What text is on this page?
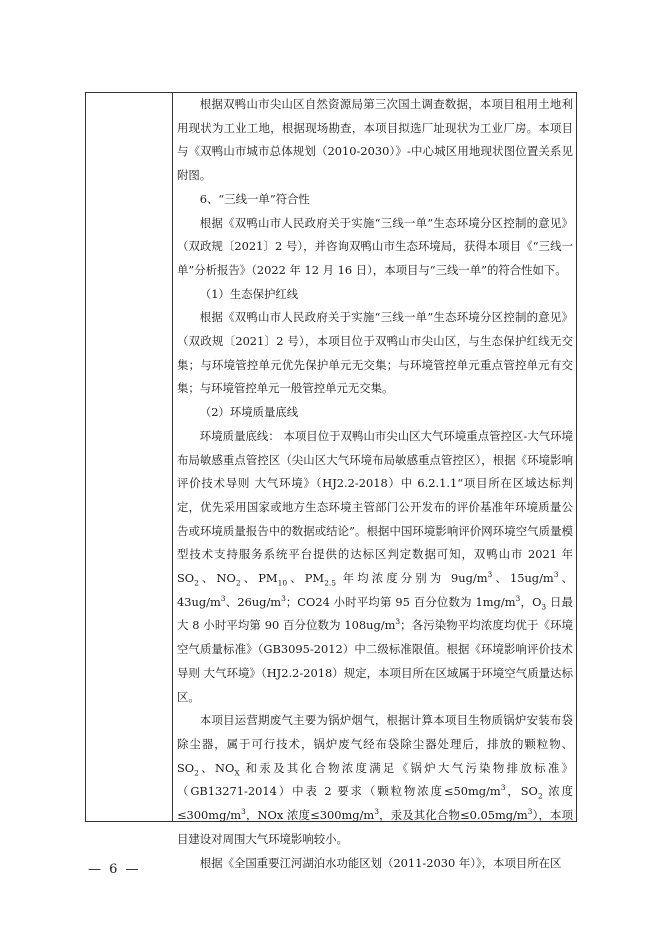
根据双鸭山市尖山区自然资源局第三次国土调查数据，本项目租用土地利用现状为工业工地，根据现场勘查，本项目拟选厂址现状为工业厂房。本项目与《双鸭山市城市总体规划（2010-2030）》-中心城区用地现状图位置关系见附图。

6、“三线一单”符合性

根据《双鸭山市人民政府关于实施“三线一单”生态环境分区控制的意见》（双政规〔2021〕2 号），并咨询双鸭山市生态环境局，获得本项目《“三线一单”分析报告》（2022 年 12 月 16 日），本项目与“三线一单”的符合性如下。

（1）生态保护红线

根据《双鸭山市人民政府关于实施“三线一单”生态环境分区控制的意见》（双政规〔2021〕2 号），本项目位于双鸭山市尖山区，与生态保护红线无交集；与环境管控单元优先保护单元无交集；与环境管控单元重点管控单元有交集；与环境管控单元一般管控单元无交集。

（2）环境质量底线

环境质量底线： 本项目位于双鸭山市尖山区大气环境重点管控区-大气环境布局敏感重点管控区（尖山区大气环境布局敏感重点管控区），根据《环境影响评价技术导则 大气环境》（HJ2.2-2018）中 6.2.1.1“项目所在区域达标判定，优先采用国家或地方生态环境主管部门公开发布的评价基准年环境质量公告或环境质量报告中的数据或结论”。根据中国环境影响评价网环境空气质量模型技术支持服务系统平台提供的达标区判定数据可知，双鸭山市 2021 年 $SO_2$、$NO_2$、$PM_{10}$、$PM_{2.5}$ 年均浓度分别为 $9ug/m^3$、$15ug/m^3$、$43ug/m^3$、$26ug/m^3$；CO24 小时平均第 95 百分位数为 $1mg/m^3$，$O_3$ 日最大 8 小时平均第 90 百分位数为 $108ug/m^3$；各污染物平均浓度均优于《环境空气质量标准》（GB3095-2012）中二级标准限值。根据《环境影响评价技术导则 大气环境》（HJ2.2-2018）规定，本项目所在区域属于环境空气质量达标区。

本项目运营期废气主要为锅炉烟气，根据计算本项目生物质锅炉安装布袋除尘器，属于可行技术，锅炉废气经布袋除尘器处理后，排放的颗粒物、$SO_2$、$NO_X$ 和汞及其化合物浓度满足《锅炉大气污染物排放标准》（GB13271-2014）中表 2 要求（颗粒物浓度$\le 50mg/m^3$，$SO_2$ 浓度$\le 300mg/m^3$，NOx 浓度$\le 300mg/m^3$，汞及其化合物$\le 0.05mg/m^3$），本项目建设对周围大气环境影响较小。

根据《全国重要江河湖泊水功能区划（2011-2030 年）》，本项目所在区

— 6 —
